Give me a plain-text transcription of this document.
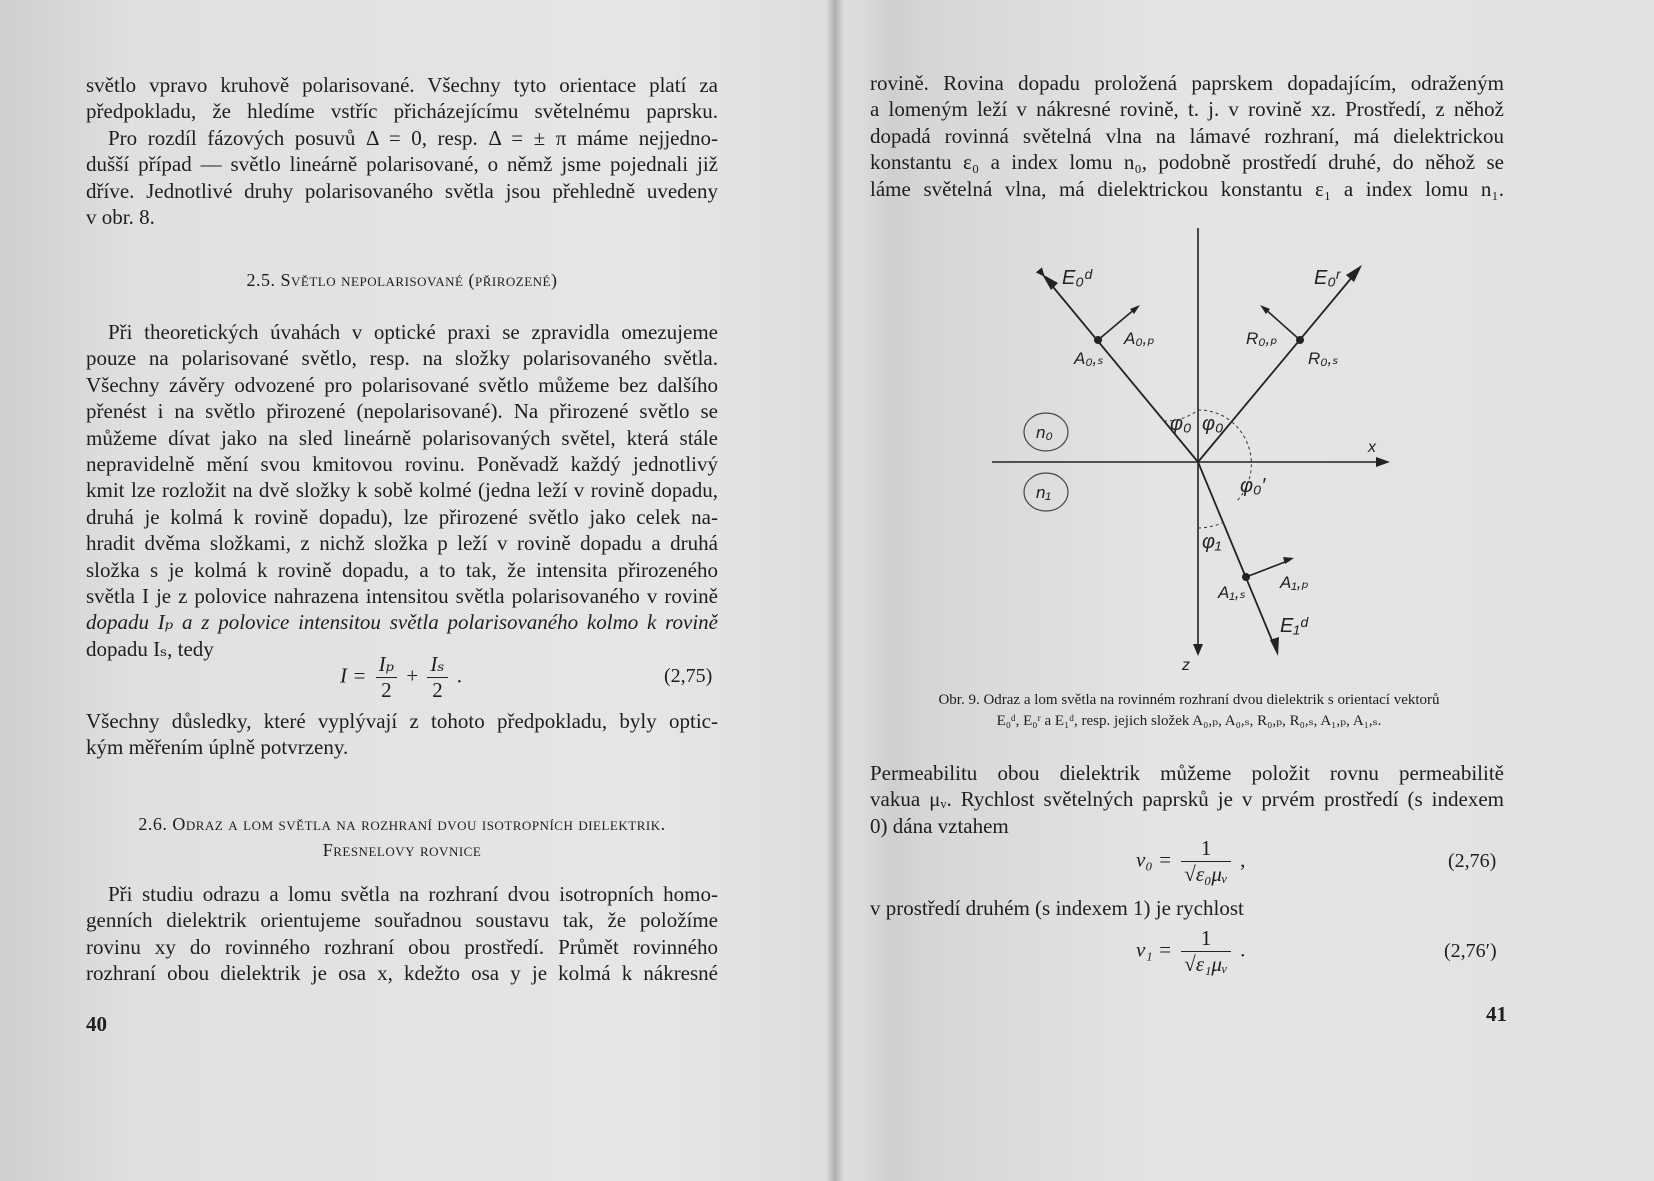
světlo vpravo kruhově polarisované. Všechny tyto orientace platí za
předpokladu, že hledíme vstříc přicházejícímu světelnému paprsku.
Pro rozdíl fázových posuvů Δ = 0, resp. Δ = ± π máme nejjedno-
dušší případ — světlo lineárně polarisované, o němž jsme pojednali již
dříve. Jednotlivé druhy polarisovaného světla jsou přehledně uvedeny
v obr. 8.
2.5. Světlo nepolarisované (přirozené)
Při theoretických úvahách v optické praxi se zpravidla omezujeme
pouze na polarisované světlo, resp. na složky polarisovaného světla.
Všechny závěry odvozené pro polarisované světlo můžeme bez dalšího
přenést i na světlo přirozené (nepolarisované). Na přirozené světlo se
můžeme dívat jako na sled lineárně polarisovaných světel, která stále
nepravidelně mění svou kmitovou rovinu. Poněvadž každý jednotlivý
kmit lze rozložit na dvě složky k sobě kolmé (jedna leží v rovině dopadu,
druhá je kolmá k rovině dopadu), lze přirozené světlo jako celek na-
hradit dvěma složkami, z nichž složka p leží v rovině dopadu a druhá
složka s je kolmá k rovině dopadu, a to tak, že intensita přirozeného
světla I je z polovice nahrazena intensitou světla polarisovaného v rovině
dopadu Iₚ a z polovice intensitou světla polarisovaného kolmo k rovině
dopadu Iₛ, tedy
$I = \frac{\text{Iₚ}}{2} + \frac{\text{Iₛ}}{2}$ .	(2,75)
Všechny důsledky, které vyplývají z tohoto předpokladu, byly optic-
kým měřením úplně potvrzeny.
2.6. Odraz a lom světla na rozhraní dvou isotropních dielektrik.
Fresnelovy rovnice
Při studiu odrazu a lomu světla na rozhraní dvou isotropních homo-
genních dielektrik orientujeme souřadnou soustavu tak, že položíme
rovinu xy do rovinného rozhraní obou prostředí. Průmět rovinného
rozhraní obou dielektrik je osa x, kdežto osa y je kolmá k nákresné
40
rovině. Rovina dopadu proložená paprskem dopadajícím, odraženým
a lomeným leží v nákresné rovině, t. j. v rovině xz. Prostředí, z něhož
dopadá rovinná světelná vlna na lámavé rozhraní, má dielektrickou
konstantu ε₀ a index lomu n₀, podobně prostředí druhé, do něhož se
láme světelná vlna, má dielektrickou konstantu ε₁ a index lomu n₁.
E₀ᵈ	E₀ʳ
A₀,ₚ
A₀,ₛ
R₀,ₚ
R₀,ₛ
φ₀ φ₀
n₀
n₁
x
φ₀′
φ₁
A₁,ₛ
A₁,ₚ
E₁ᵈ
z
Obr. 9. Odraz a lom světla na rovinném rozhraní dvou dielektrik s orientací vektorů
E₀ᵈ, E₀ʳ a E₁ᵈ, resp. jejich složek A₀,ₚ, A₀,ₛ, R₀,ₚ, R₀,ₛ, A₁,ₚ, A₁,ₛ.
Permeabilitu obou dielektrik můžeme položit rovnu permeabilitě
vakua μᵥ. Rychlost světelných paprsků je v prvém prostředí (s indexem
0) dána vztahem
$v_0 = \frac{1}{\text{√ε₀μᵥ}}$ ,	(2,76)
v prostředí druhém (s indexem 1) je rychlost
$v_1 = \frac{1}{\text{√ε₁μᵥ}}$ .	(2,76′)
41
